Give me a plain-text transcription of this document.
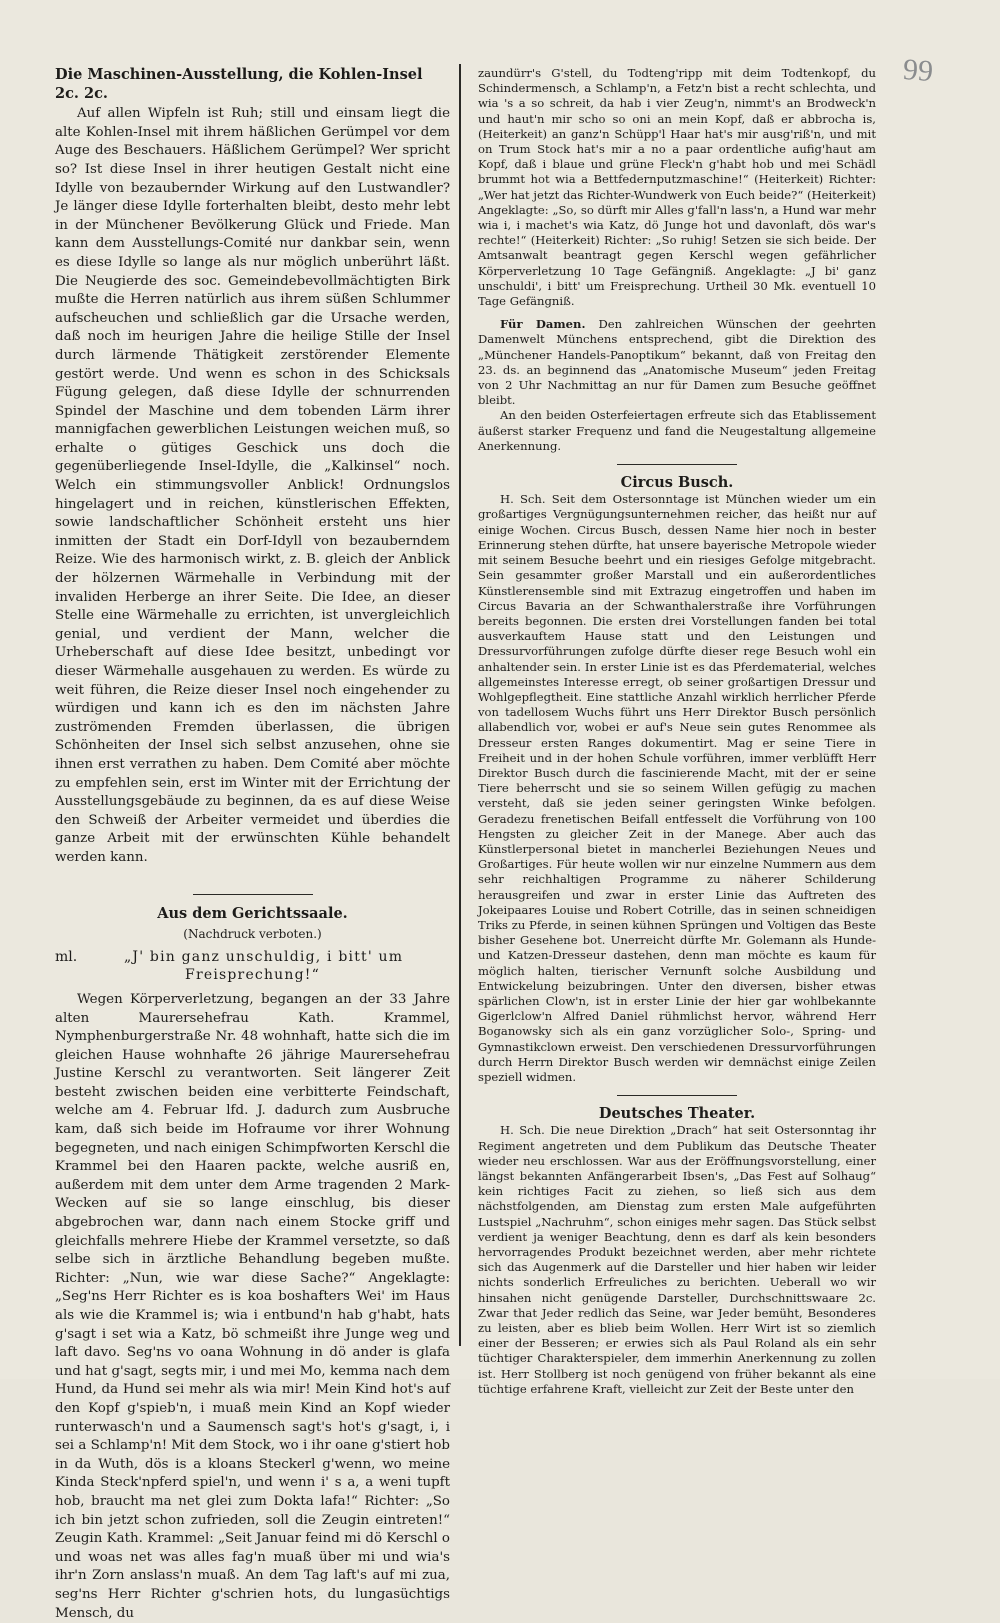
99
Die Maschinen-Ausstellung, die Kohlen-Insel 2c. 2c.

Auf allen Wipfeln ist Ruh; still und einsam liegt die alte Kohlen-Insel mit ihrem häßlichen Gerümpel vor dem Auge des Beschauers. Häßlichem Gerümpel? Wer spricht so? Ist diese Insel in ihrer heutigen Gestalt nicht eine Idylle von bezaubernder Wirkung auf den Lustwandler? Je länger diese Idylle forterhalten bleibt, desto mehr lebt in der Münchener Bevölkerung Glück und Friede. Man kann dem Ausstellungs-Comité nur dankbar sein, wenn es diese Idylle so lange als nur möglich unberührt läßt. Die Neugierde des soc. Gemeindebevollmächtigten Birk mußte die Herren natürlich aus ihrem süßen Schlummer aufscheuchen und schließlich gar die Ursache werden, daß noch im heurigen Jahre die heilige Stille der Insel durch lärmende Thätigkeit zerstörender Elemente gestört werde. Und wenn es schon in des Schicksals Fügung gelegen, daß diese Idylle der schnurrenden Spindel der Maschine und dem tobenden Lärm ihrer mannigfachen gewerblichen Leistungen weichen muß, so erhalte o gütiges Geschick uns doch die gegenüberliegende Insel-Idylle, die „Kalkinsel“ noch. Welch ein stimmungsvoller Anblick! Ordnungslos hingelagert und in reichen, künstlerischen Effekten, sowie landschaftlicher Schönheit ersteht uns hier inmitten der Stadt ein Dorf-Idyll von bezauberndem Reize. Wie des harmonisch wirkt, z. B. gleich der Anblick der hölzernen Wärmehalle in Verbindung mit der invaliden Herberge an ihrer Seite. Die Idee, an dieser Stelle eine Wärmehalle zu errichten, ist unvergleichlich genial, und verdient der Mann, welcher die Urheberschaft auf diese Idee besitzt, unbedingt vor dieser Wärmehalle ausgehauen zu werden. Es würde zu weit führen, die Reize dieser Insel noch eingehender zu würdigen und kann ich es den im nächsten Jahre zuströmenden Fremden überlassen, die übrigen Schönheiten der Insel sich selbst anzusehen, ohne sie ihnen erst verrathen zu haben. Dem Comité aber möchte zu empfehlen sein, erst im Winter mit der Errichtung der Ausstellungsgebäude zu beginnen, da es auf diese Weise den Schweiß der Arbeiter vermeidet und überdies die ganze Arbeit mit der erwünschten Kühle behandelt werden kann.

Aus dem Gerichtssaale.
(Nachdruck verboten.)
ml.	„J' bin ganz unschuldig, i bitt' um Freisprechung!“

Wegen Körperverletzung, begangen an der 33 Jahre alten Maurersehefrau Kath. Krammel, Nymphenburgerstraße Nr. 48 wohnhaft, hatte sich die im gleichen Hause wohnhafte 26 jährige Maurersehefrau Justine Kerschl zu verantworten. Seit längerer Zeit besteht zwischen beiden eine verbitterte Feindschaft, welche am 4. Februar lfd. J. dadurch zum Ausbruche kam, daß sich beide im Hofraume vor ihrer Wohnung begegneten, und nach einigen Schimpfworten Kerschl die Krammel bei den Haaren packte, welche ausriß en, außerdem mit dem unter dem Arme tragenden 2 Mark-Wecken auf sie so lange einschlug, bis dieser abgebrochen war, dann nach einem Stocke griff und gleichfalls mehrere Hiebe der Krammel versetzte, so daß selbe sich in ärztliche Behandlung begeben mußte. Richter: „Nun, wie war diese Sache?“ Angeklagte: „Seg'ns Herr Richter es is koa boshafters Wei' im Haus als wie die Krammel is; wia i entbund'n hab g'habt, hats g'sagt i set wia a Katz, bö schmeißt ihre Junge weg und laft davo. Seg'ns vo oana Wohnung in dö ander is glafa und hat g'sagt, segts mir, i und mei Mo, kemma nach dem Hund, da Hund sei mehr als wia mir! Mein Kind hot's auf den Kopf g'spieb'n, i muaß mein Kind an Kopf wieder runterwasch'n und a Saumensch sagt's hot's g'sagt, i, i sei a Schlamp'n! Mit dem Stock, wo i ihr oane g'stiert hob in da Wuth, dös is a kloans Steckerl g'wenn, wo meine Kinda Steck'npferd spiel'n, und wenn i' s a, a weni tupft hob, braucht ma net glei zum Dokta lafa!“ Richter: „So ich bin jetzt schon zufrieden, soll die Zeugin eintreten!“ Zeugin Kath. Krammel: „Seit Januar feind mi dö Kerschl o und woas net was alles fag'n muaß über mi und wia's ihr'n Zorn anslass'n muaß. An dem Tag laft's auf mi zua, seg'ns Herr Richter g'schrien hots, du lungasüchtigs Mensch, du

zaundürr's G'stell, du Todteng'ripp mit deim Todtenkopf, du Schindermensch, a Schlamp'n, a Fetz'n bist a recht schlechta, und wia 's a so schreit, da hab i vier Zeug'n, nimmt's an Brodweck'n und haut'n mir scho so oni an mein Kopf, daß er abbrocha is, (Heiterkeit) an ganz'n Schüpp'l Haar hat's mir ausg'riß'n, und mit on Trum Stock hat's mir a no a paar ordentliche aufig'haut am Kopf, daß i blaue und grüne Fleck'n g'habt hob und mei Schädl brummt hot wia a Bettfedernputzmaschine!“ (Heiterkeit) Richter: „Wer hat jetzt das Richter-Wundwerk von Euch beide?“ (Heiterkeit) Angeklagte: „So, so dürft mir Alles g'fall'n lass'n, a Hund war mehr wia i, i machet's wia Katz, dö Junge hot und davonlaft, dös war's rechte!“ (Heiterkeit) Richter: „So ruhig! Setzen sie sich beide. Der Amtsanwalt beantragt gegen Kerschl wegen gefährlicher Körperverletzung 10 Tage Gefängniß. Angeklagte: „J bi' ganz unschuldi', i bitt' um Freisprechung. Urtheil 30 Mk. eventuell 10 Tage Gefängniß.

Für Damen. Den zahlreichen Wünschen der geehrten Damenwelt Münchens entsprechend, gibt die Direktion des „Münchener Handels-Panoptikum“ bekannt, daß von Freitag den 23. ds. an beginnend das „Anatomische Museum“ jeden Freitag von 2 Uhr Nachmittag an nur für Damen zum Besuche geöffnet bleibt.

An den beiden Osterfeiertagen erfreute sich das Etablissement äußerst starker Frequenz und fand die Neugestaltung allgemeine Anerkennung.

Circus Busch.

H. Sch. Seit dem Ostersonntage ist München wieder um ein großartiges Vergnügungsunternehmen reicher, das heißt nur auf einige Wochen. Circus Busch, dessen Name hier noch in bester Erinnerung stehen dürfte, hat unsere bayerische Metropole wieder mit seinem Besuche beehrt und ein riesiges Gefolge mitgebracht. Sein gesammter großer Marstall und ein außerordentliches Künstlerensemble sind mit Extrazug eingetroffen und haben im Circus Bavaria an der Schwanthalerstraße ihre Vorführungen bereits begonnen. Die ersten drei Vorstellungen fanden bei total ausverkauftem Hause statt und den Leistungen und Dressurvorführungen zufolge dürfte dieser rege Besuch wohl ein anhaltender sein. In erster Linie ist es das Pferdematerial, welches allgemeinstes Interesse erregt, ob seiner großartigen Dressur und Wohlgepflegtheit. Eine stattliche Anzahl wirklich herrlicher Pferde von tadellosem Wuchs führt uns Herr Direktor Busch persönlich allabendlich vor, wobei er auf's Neue sein gutes Renommee als Dresseur ersten Ranges dokumentirt. Mag er seine Tiere in Freiheit und in der hohen Schule vorführen, immer verblüfft Herr Direktor Busch durch die fascinierende Macht, mit der er seine Tiere beherrscht und sie so seinem Willen gefügig zu machen versteht, daß sie jeden seiner geringsten Winke befolgen. Geradezu frenetischen Beifall entfesselt die Vorführung von 100 Hengsten zu gleicher Zeit in der Manege. Aber auch das Künstlerpersonal bietet in mancherlei Beziehungen Neues und Großartiges. Für heute wollen wir nur einzelne Nummern aus dem sehr reichhaltigen Programme zu näherer Schilderung herausgreifen und zwar in erster Linie das Auftreten des Jokeipaares Louise und Robert Cotrille, das in seinen schneidigen Triks zu Pferde, in seinen kühnen Sprüngen und Voltigen das Beste bisher Gesehene bot. Unerreicht dürfte Mr. Golemann als Hunde- und Katzen-Dresseur dastehen, denn man möchte es kaum für möglich halten, tierischer Vernunft solche Ausbildung und Entwickelung beizubringen. Unter den diversen, bisher etwas spärlichen Clow'n, ist in erster Linie der hier gar wohlbekannte Gigerlclow'n Alfred Daniel rühmlichst hervor, während Herr Boganowsky sich als ein ganz vorzüglicher Solo-, Spring- und Gymnastikclown erweist. Den verschiedenen Dressurvorführungen durch Herrn Direktor Busch werden wir demnächst einige Zeilen speziell widmen.

Deutsches Theater.

H. Sch. Die neue Direktion „Drach“ hat seit Ostersonntag ihr Regiment angetreten und dem Publikum das Deutsche Theater wieder neu erschlossen. War aus der Eröffnungsvorstellung, einer längst bekannten Anfängerarbeit Ibsen's, „Das Fest auf Solhaug“ kein richtiges Facit zu ziehen, so ließ sich aus dem nächstfolgenden, am Dienstag zum ersten Male aufgeführten Lustspiel „Nachruhm“, schon einiges mehr sagen. Das Stück selbst verdient ja weniger Beachtung, denn es darf als kein besonders hervorragendes Produkt bezeichnet werden, aber mehr richtete sich das Augenmerk auf die Darsteller und hier haben wir leider nichts sonderlich Erfreuliches zu berichten. Ueberall wo wir hinsahen nicht genügende Darsteller, Durchschnittswaare 2c. Zwar that Jeder redlich das Seine, war Jeder bemüht, Besonderes zu leisten, aber es blieb beim Wollen. Herr Wirt ist so ziemlich einer der Besseren; er erwies sich als Paul Roland als ein sehr tüchtiger Charakterspieler, dem immerhin Anerkennung zu zollen ist. Herr Stollberg ist noch genügend von früher bekannt als eine tüchtige erfahrene Kraft, vielleicht zur Zeit der Beste unter den
